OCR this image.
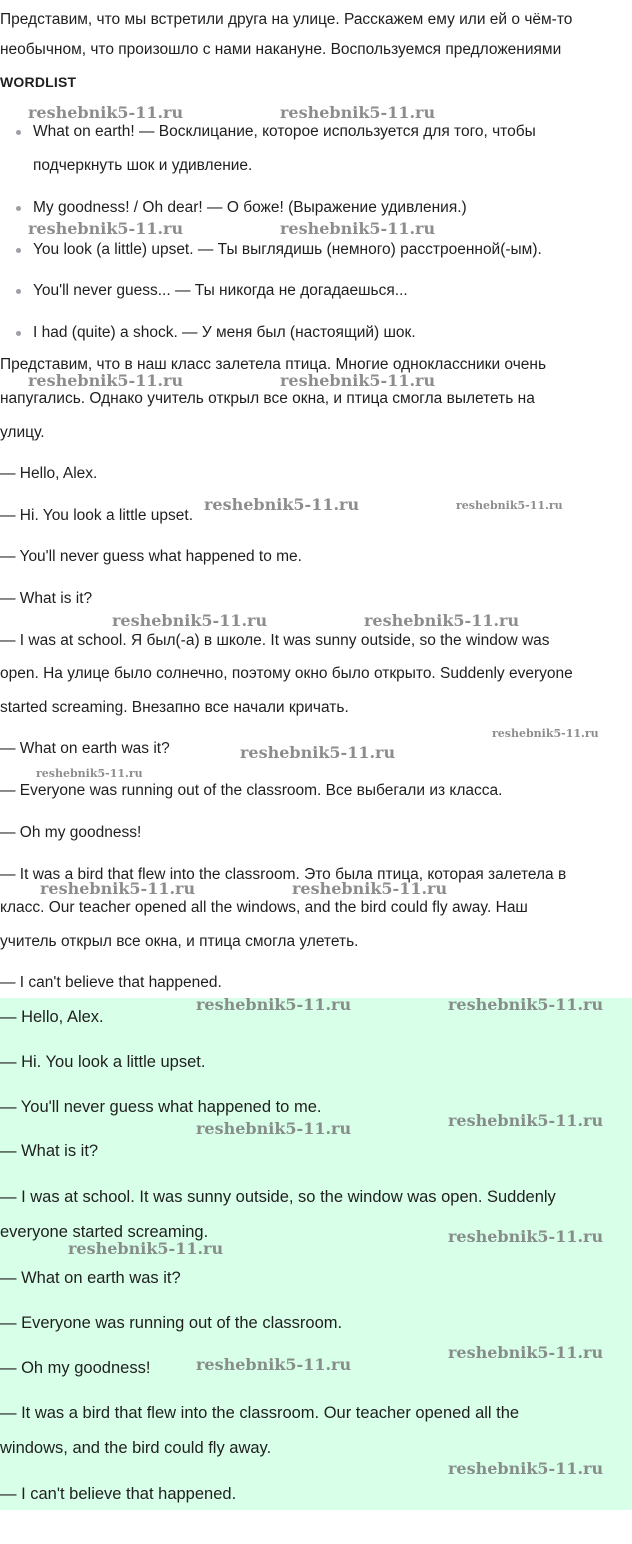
Представим, что мы встретили друга на улице. Расскажем ему или ей о чём-то
необычном, что произошло с нами накануне. Воспользуемся предложениями
WORDLIST
What on earth! — Восклицание, которое используется для того, чтобы
подчеркнуть шок и удивление.
My goodness! / Oh dear! — О боже! (Выражение удивления.)
You look (a little) upset. — Ты выглядишь (немного) расстроенной(-ым).
You'll never guess... — Ты никогда не догадаешься...
I had (quite) a shock. — У меня был (настоящий) шок.
Представим, что в наш класс залетела птица. Многие одноклассники очень
напугались. Однако учитель открыл все окна, и птица смогла вылететь на
улицу.
— Hello, Alex.
— Hi. You look a little upset.
— You'll never guess what happened to me.
— What is it?
— I was at school. Я был(-а) в школе. It was sunny outside, so the window was
open. На улице было солнечно, поэтому окно было открыто. Suddenly everyone
started screaming. Внезапно все начали кричать.
— What on earth was it?
— Everyone was running out of the classroom. Все выбегали из класса.
— Oh my goodness!
— It was a bird that flew into the classroom. Это была птица, которая залетела в
класс. Our teacher opened all the windows, and the bird could fly away. Наш
учитель открыл все окна, и птица смогла улететь.
— I can't believe that happened.
— Hello, Alex.
— Hi. You look a little upset.
— You'll never guess what happened to me.
— What is it?
— I was at school. It was sunny outside, so the window was open. Suddenly
everyone started screaming.
— What on earth was it?
— Everyone was running out of the classroom.
— Oh my goodness!
— It was a bird that flew into the classroom. Our teacher opened all the
windows, and the bird could fly away.
— I can't believe that happened.
reshebnik5-11.ru	reshebnik5-11.ru
reshebnik5-11.ru	reshebnik5-11.ru
reshebnik5-11.ru	reshebnik5-11.ru
reshebnik5-11.ru	reshebnik5-11.ru
reshebnik5-11.ru	reshebnik5-11.ru
reshebnik5-11.ru
reshebnik5-11.ru
reshebnik5-11.ru
reshebnik5-11.ru	reshebnik5-11.ru
reshebnik5-11.ru	reshebnik5-11.ru
reshebnik5-11.ru	reshebnik5-11.ru
reshebnik5-11.ru
reshebnik5-11.ru
reshebnik5-11.ru
reshebnik5-11.ru
reshebnik5-11.ru
